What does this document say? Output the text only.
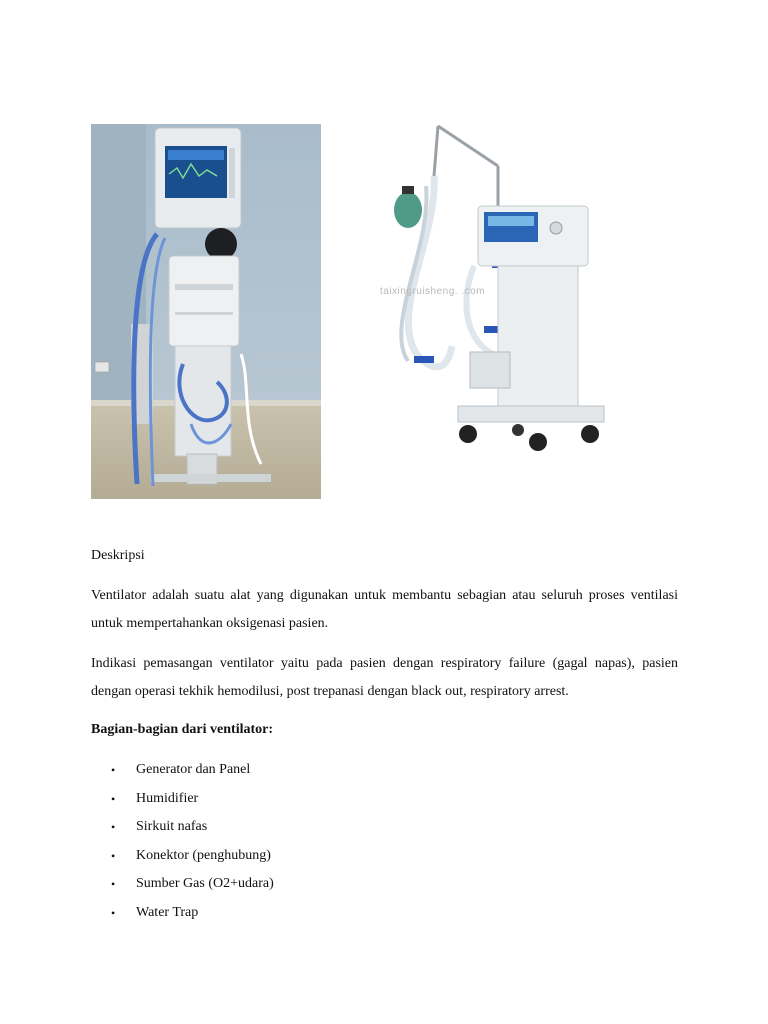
taixingruisheng. .com
Deskripsi
Ventilator adalah suatu alat yang digunakan untuk membantu sebagian atau seluruh proses ventilasi untuk mempertahankan oksigenasi pasien.
Indikasi pemasangan ventilator yaitu pada pasien dengan respiratory failure (gagal napas), pasien dengan operasi tekhik hemodilusi, post trepanasi dengan black out, respiratory arrest.
Bagian-bagian dari ventilator:
• Generator dan Panel
• Humidifier
• Sirkuit nafas
• Konektor (penghubung)
• Sumber Gas (O2+udara)
• Water Trap
